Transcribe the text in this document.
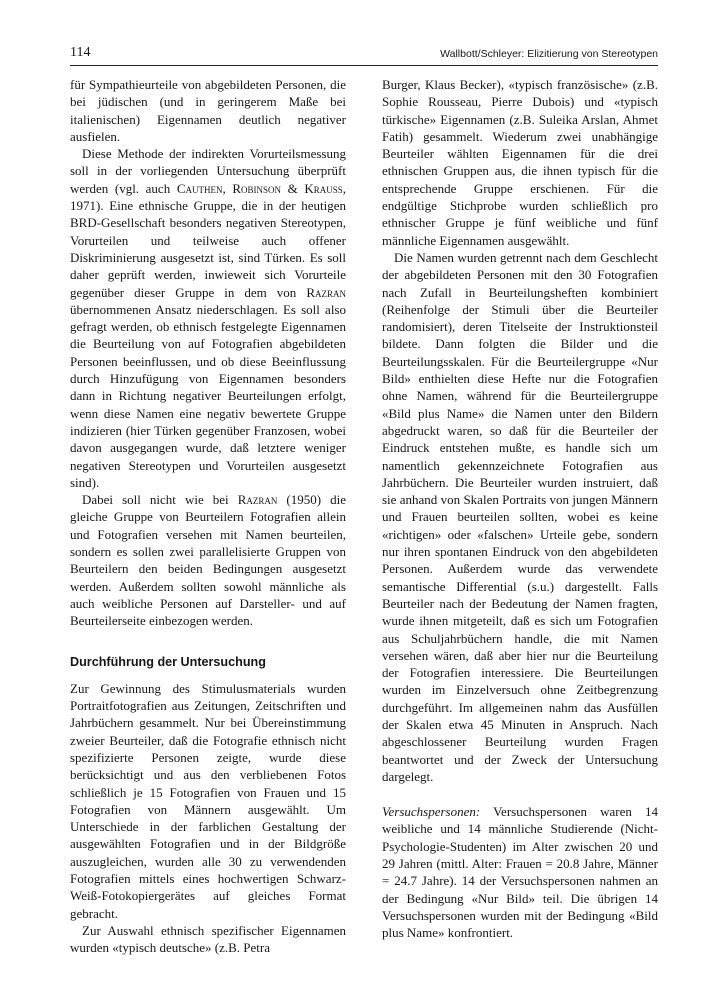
114	Wallbott/Schleyer: Elizitierung von Stereotypen

für Sympathieurteile von abgebildeten Personen, die bei jüdischen (und in geringerem Maße bei italienischen) Eigennamen deutlich negativer ausfielen.

Diese Methode der indirekten Vorurteilsmessung soll in der vorliegenden Untersuchung überprüft werden (vgl. auch Cauthen, Robinson & Krauss, 1971). Eine ethnische Gruppe, die in der heutigen BRD-Gesellschaft besonders negativen Stereotypen, Vorurteilen und teilweise auch offener Diskriminierung ausgesetzt ist, sind Türken. Es soll daher geprüft werden, inwieweit sich Vorurteile gegenüber dieser Gruppe in dem von Razran übernommenen Ansatz niederschlagen. Es soll also gefragt werden, ob ethnisch festgelegte Eigennamen die Beurteilung von auf Fotografien abgebildeten Personen beeinflussen, und ob diese Beeinflussung durch Hinzufügung von Eigennamen besonders dann in Richtung negativer Beurteilungen erfolgt, wenn diese Namen eine negativ bewertete Gruppe indizieren (hier Türken gegenüber Franzosen, wobei davon ausgegangen wurde, daß letztere weniger negativen Stereotypen und Vorurteilen ausgesetzt sind).

Dabei soll nicht wie bei Razran (1950) die gleiche Gruppe von Beurteilern Fotografien allein und Fotografien versehen mit Namen beurteilen, sondern es sollen zwei parallelisierte Gruppen von Beurteilern den beiden Bedingungen ausgesetzt werden. Außerdem sollten sowohl männliche als auch weibliche Personen auf Darsteller- und auf Beurteilerseite einbezogen werden.

Durchführung der Untersuchung

Zur Gewinnung des Stimulusmaterials wurden Portraitfotografien aus Zeitungen, Zeitschriften und Jahrbüchern gesammelt. Nur bei Übereinstimmung zweier Beurteiler, daß die Fotografie ethnisch nicht spezifizierte Personen zeigte, wurde diese berücksichtigt und aus den verbliebenen Fotos schließlich je 15 Fotografien von Frauen und 15 Fotografien von Männern ausgewählt. Um Unterschiede in der farblichen Gestaltung der ausgewählten Fotografien und in der Bildgröße auszugleichen, wurden alle 30 zu verwendenden Fotografien mittels eines hochwertigen Schwarz-Weiß-Fotokopiergerätes auf gleiches Format gebracht.

Zur Auswahl ethnisch spezifischer Eigennamen wurden «typisch deutsche» (z.B. Petra

Burger, Klaus Becker), «typisch französische» (z.B. Sophie Rousseau, Pierre Dubois) und «typisch türkische» Eigennamen (z.B. Suleika Arslan, Ahmet Fatih) gesammelt. Wiederum zwei unabhängige Beurteiler wählten Eigennamen für die drei ethnischen Gruppen aus, die ihnen typisch für die entsprechende Gruppe erschienen. Für die endgültige Stichprobe wurden schließlich pro ethnischer Gruppe je fünf weibliche und fünf männliche Eigennamen ausgewählt.

Die Namen wurden getrennt nach dem Geschlecht der abgebildeten Personen mit den 30 Fotografien nach Zufall in Beurteilungsheften kombiniert (Reihenfolge der Stimuli über die Beurteiler randomisiert), deren Titelseite der Instruktionsteil bildete. Dann folgten die Bilder und die Beurteilungsskalen. Für die Beurteilergruppe «Nur Bild» enthielten diese Hefte nur die Fotografien ohne Namen, während für die Beurteilergruppe «Bild plus Name» die Namen unter den Bildern abgedruckt waren, so daß für die Beurteiler der Eindruck entstehen mußte, es handle sich um namentlich gekennzeichnete Fotografien aus Jahrbüchern. Die Beurteiler wurden instruiert, daß sie anhand von Skalen Portraits von jungen Männern und Frauen beurteilen sollten, wobei es keine «richtigen» oder «falschen» Urteile gebe, sondern nur ihren spontanen Eindruck von den abgebildeten Personen. Außerdem wurde das verwendete semantische Differential (s.u.) dargestellt. Falls Beurteiler nach der Bedeutung der Namen fragten, wurde ihnen mitgeteilt, daß es sich um Fotografien aus Schuljahrbüchern handle, die mit Namen versehen wären, daß aber hier nur die Beurteilung der Fotografien interessiere. Die Beurteilungen wurden im Einzelversuch ohne Zeitbegrenzung durchgeführt. Im allgemeinen nahm das Ausfüllen der Skalen etwa 45 Minuten in Anspruch. Nach abgeschlossener Beurteilung wurden Fragen beantwortet und der Zweck der Untersuchung dargelegt.

Versuchspersonen: Versuchspersonen waren 14 weibliche und 14 männliche Studierende (Nicht-Psychologie-Studenten) im Alter zwischen 20 und 29 Jahren (mittl. Alter: Frauen = 20.8 Jahre, Männer = 24.7 Jahre). 14 der Versuchspersonen nahmen an der Bedingung «Nur Bild» teil. Die übrigen 14 Versuchspersonen wurden mit der Bedingung «Bild plus Name» konfrontiert.
